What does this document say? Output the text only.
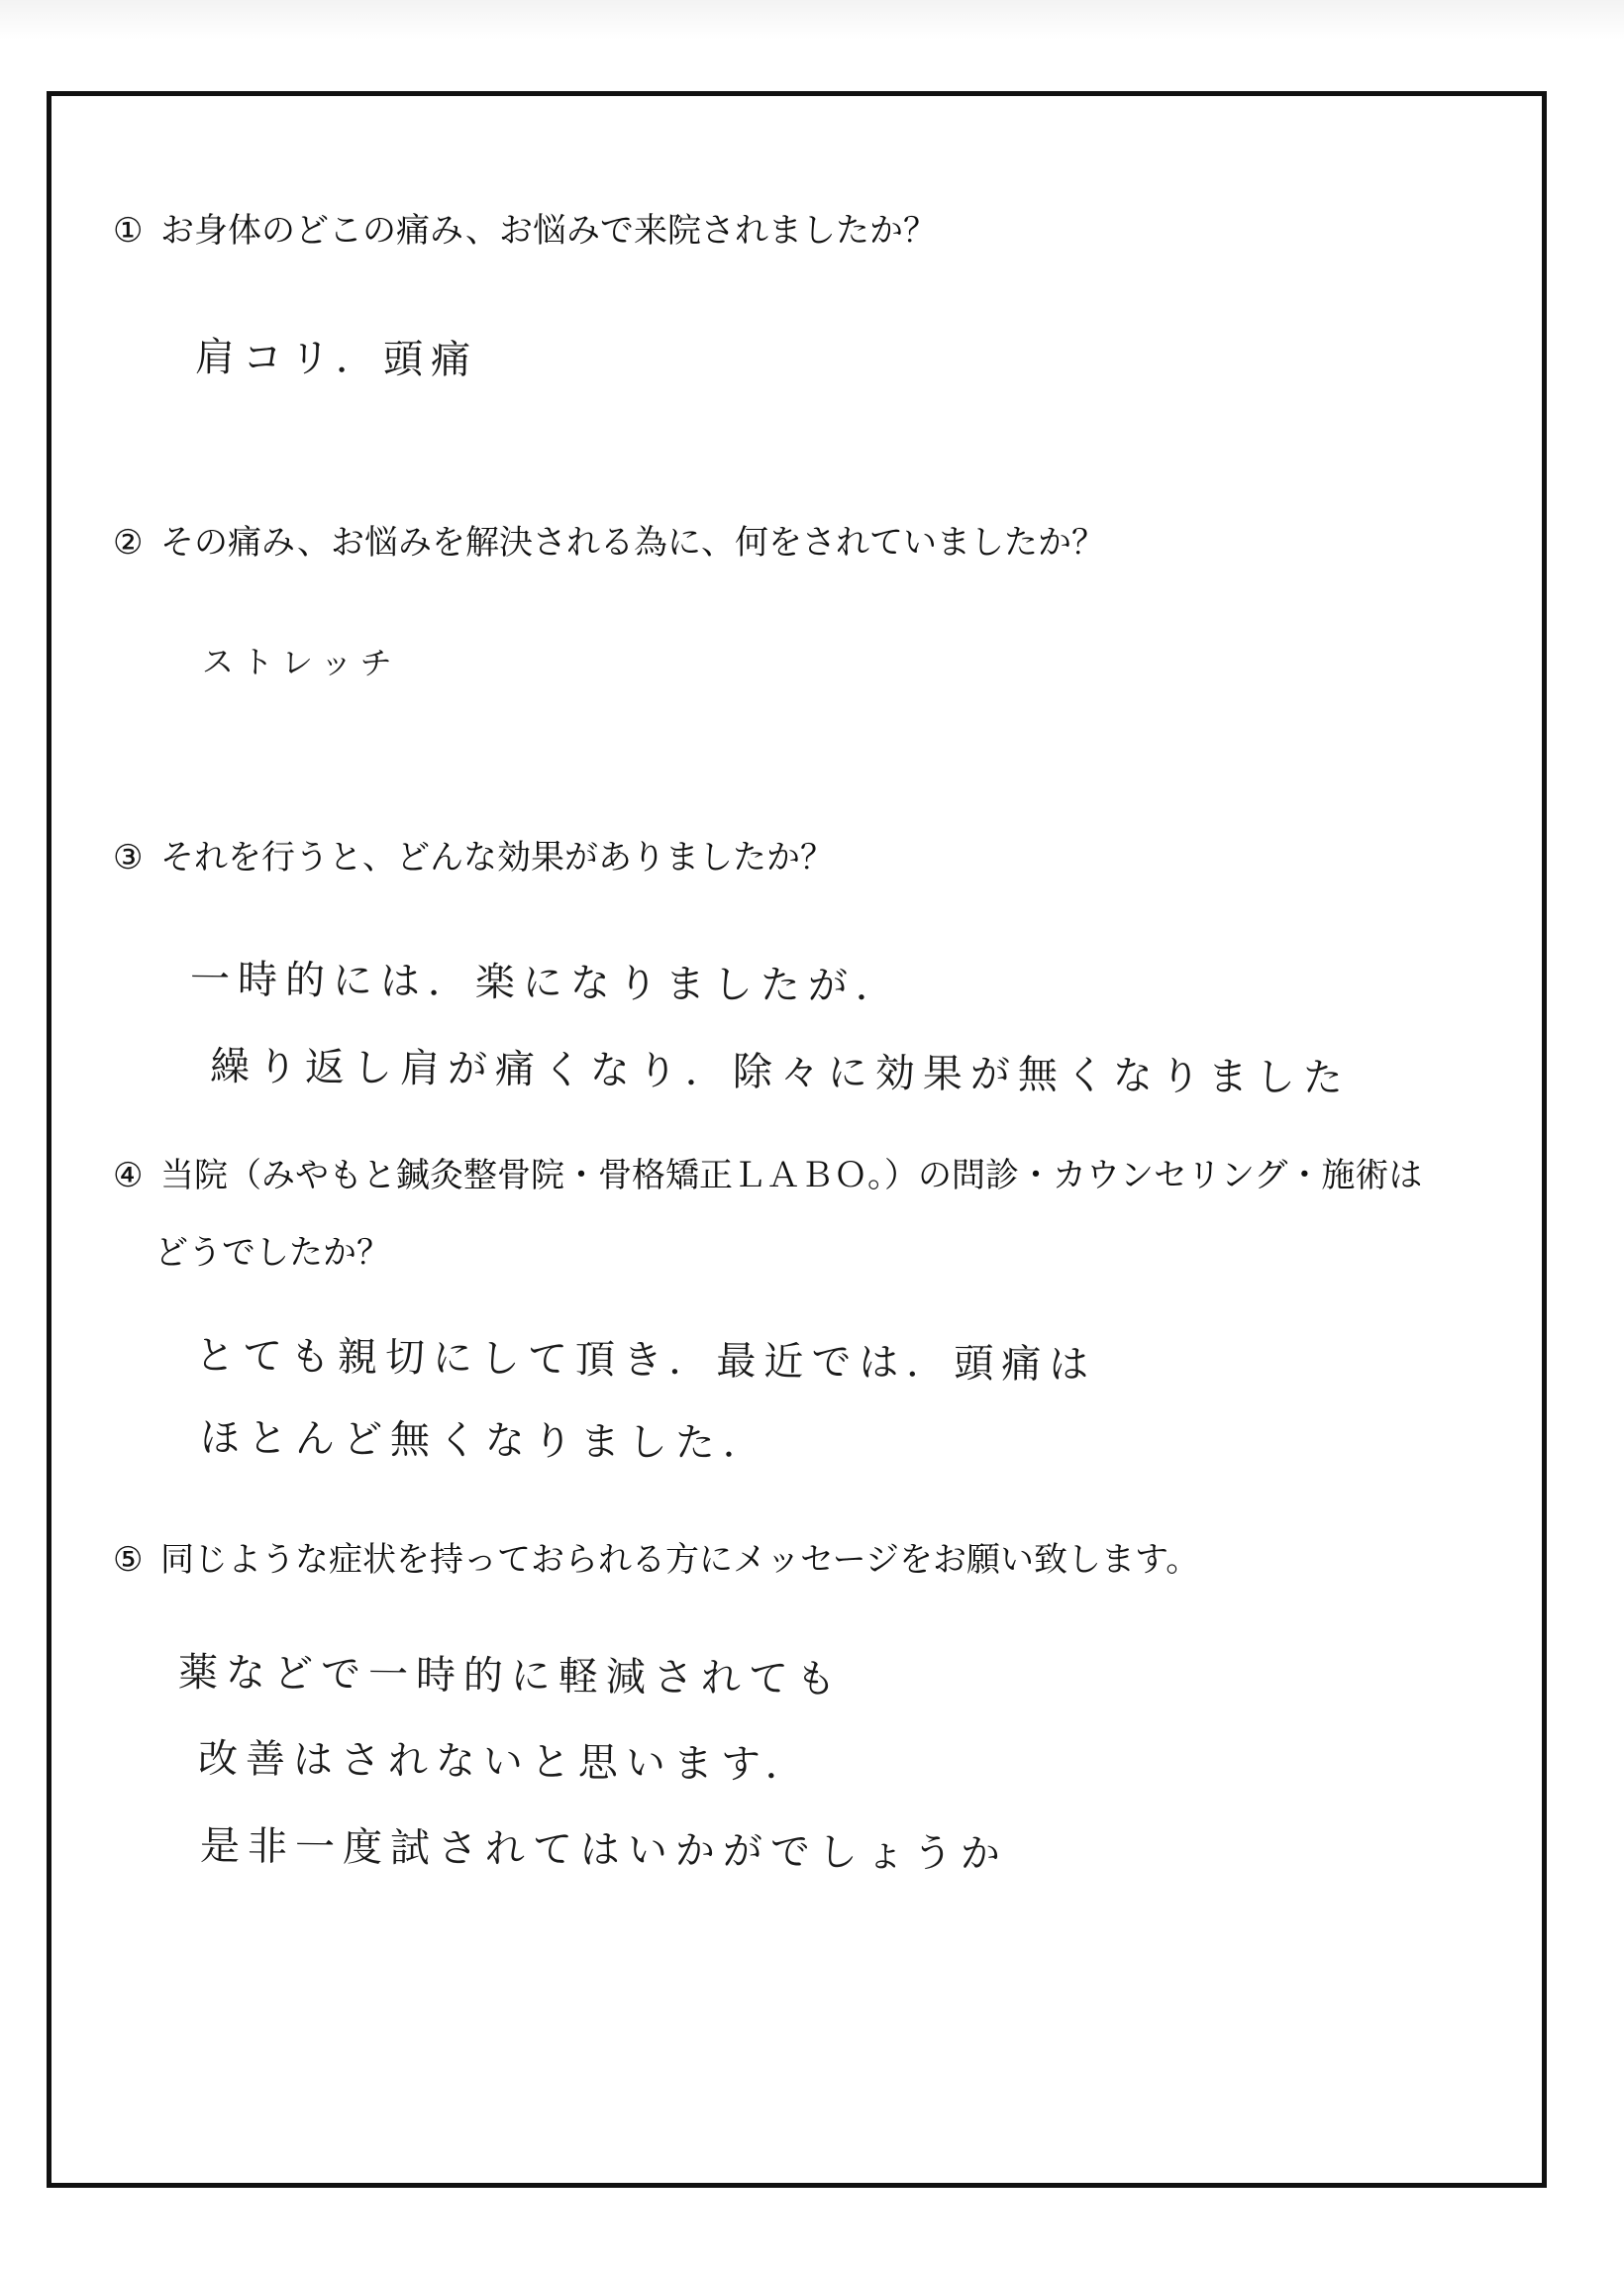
① お身体のどこの痛み、お悩みで来院されましたか？
肩コリ．頭痛
② その痛み、お悩みを解決される為に、何をされていましたか？
ストレッチ
③ それを行うと、どんな効果がありましたか？
一時的には．楽になりましたが．
繰り返し肩が痛くなり．除々に効果が無くなりました
④ 当院（みやもと鍼灸整骨院・骨格矯正ＬＡＢＯ。）の問診・カウンセリング・施術は
どうでしたか？
とても親切にして頂き．最近では．頭痛は
ほとんど無くなりました．
⑤ 同じような症状を持っておられる方にメッセージをお願い致します。
薬などで一時的に軽減されても
改善はされないと思います．
是非一度試されてはいかがでしょうか
